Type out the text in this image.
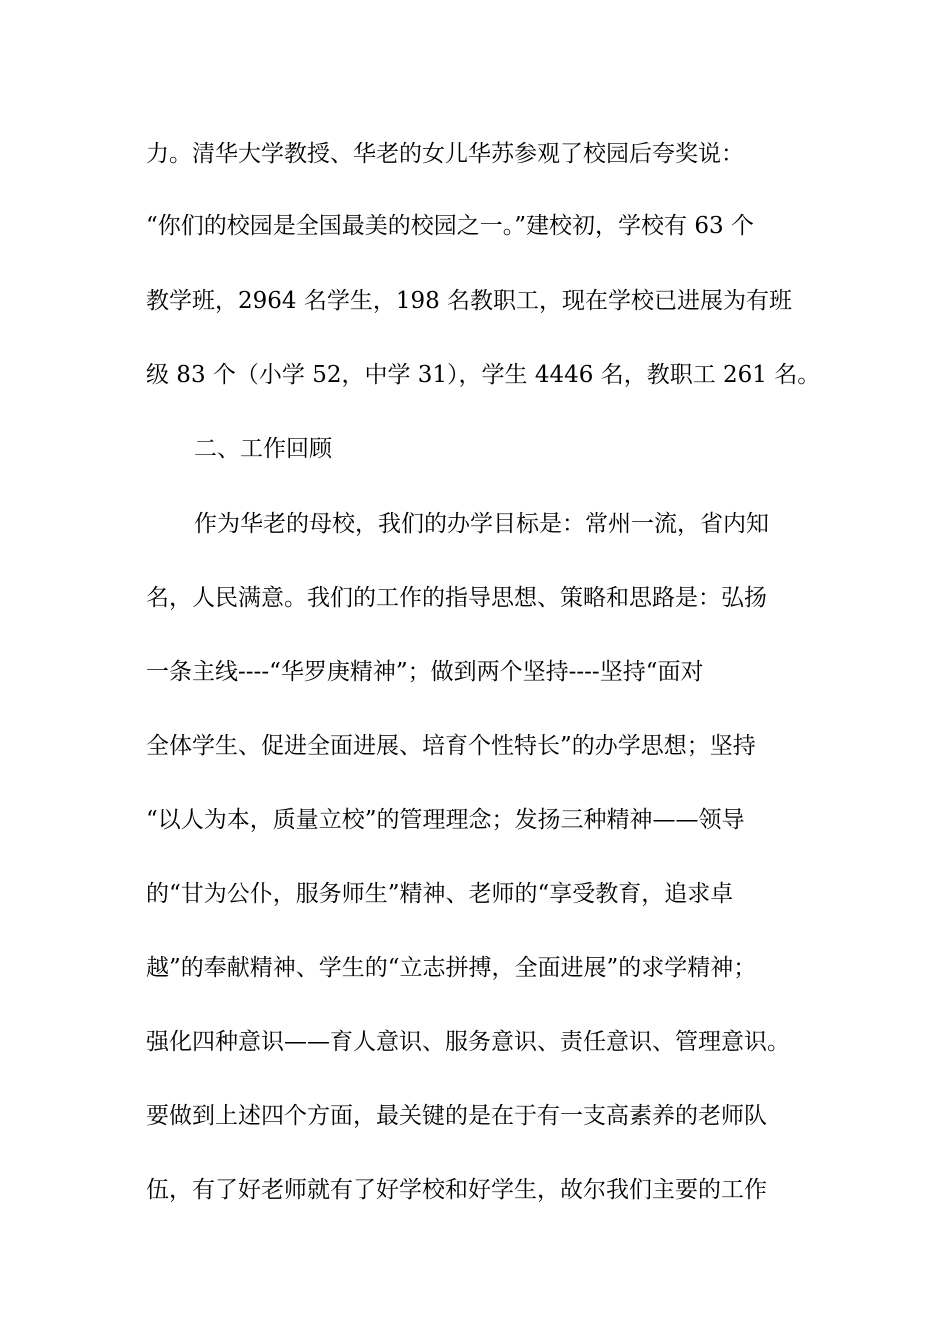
力。清华大学教授、华老的女儿华苏参观了校园后夸奖说：
“你们的校园是全国最美的校园之一。”建校初，学校有 63 个
教学班，2964 名学生，198 名教职工，现在学校已进展为有班
级 83 个（小学 52，中学 31），学生 4446 名，教职工 261 名。
二、工作回顾
作为华老的母校，我们的办学目标是：常州一流，省内知
名，人民满意。我们的工作的指导思想、策略和思路是：弘扬
一条主线----“华罗庚精神”；做到两个坚持----坚持“面对
全体学生、促进全面进展、培育个性特长”的办学思想；坚持
“以人为本，质量立校”的管理理念；发扬三种精神——领导
的“甘为公仆，服务师生”精神、老师的“享受教育，追求卓
越”的奉献精神、学生的“立志拼搏，全面进展”的求学精神；
强化四种意识——育人意识、服务意识、责任意识、管理意识。
要做到上述四个方面，最关键的是在于有一支高素养的老师队
伍，有了好老师就有了好学校和好学生，故尔我们主要的工作
